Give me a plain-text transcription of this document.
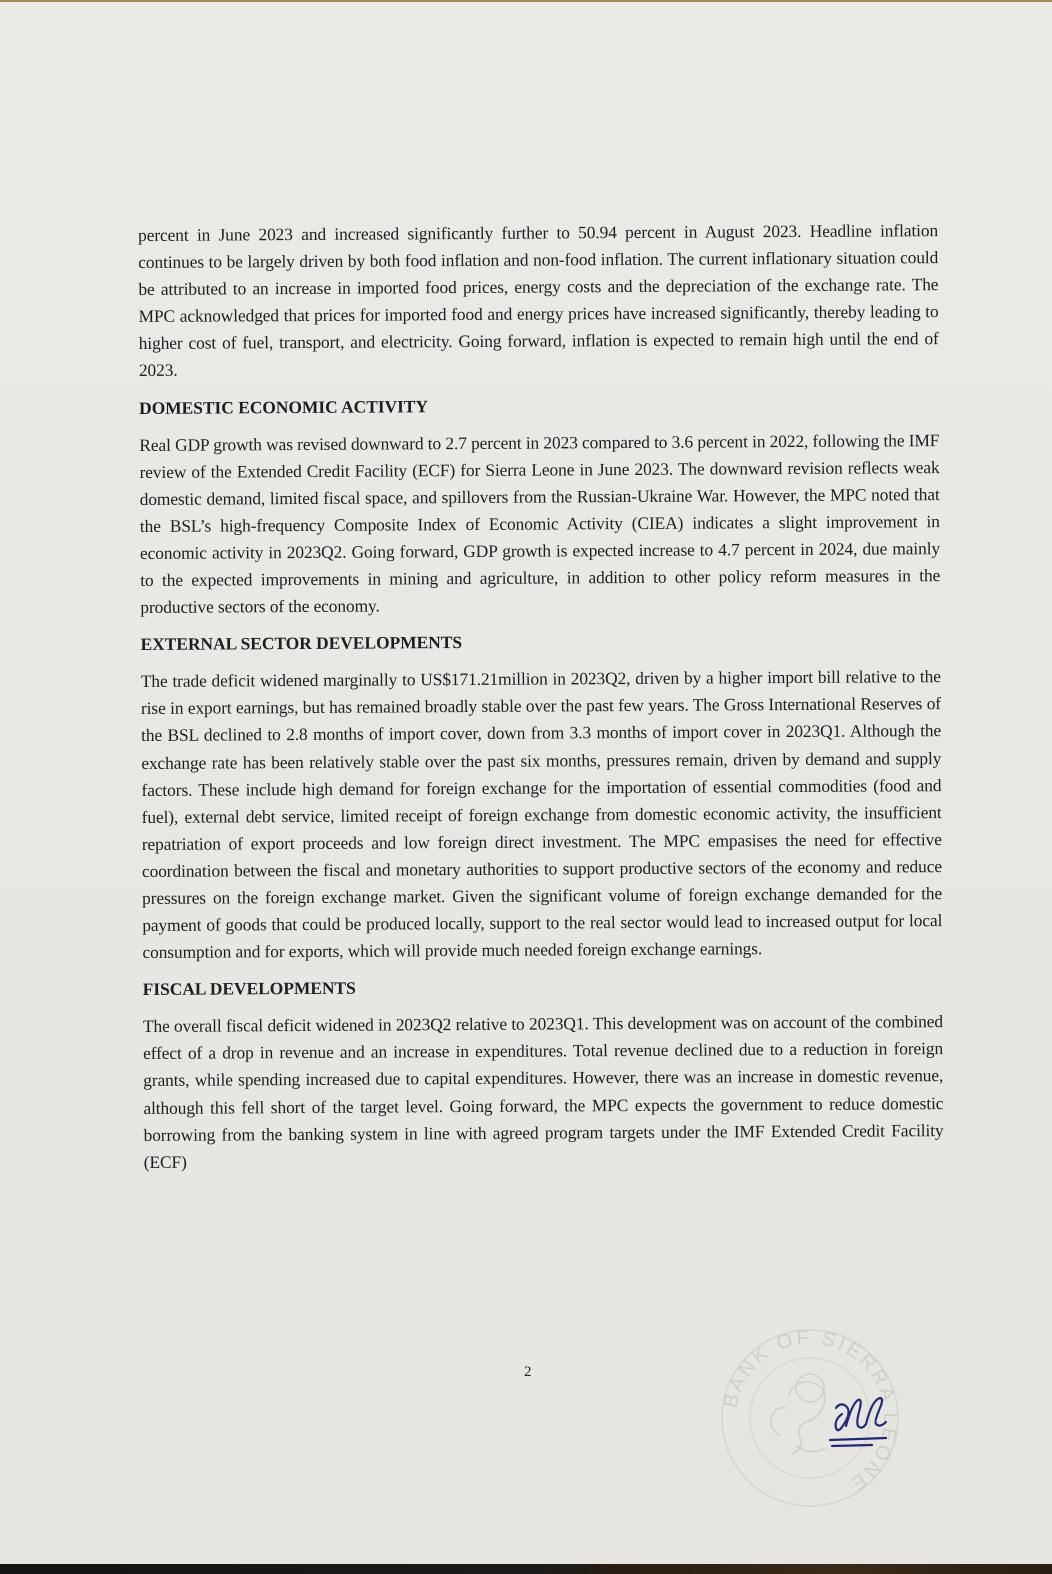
percent in June 2023 and increased significantly further to 50.94 percent in August 2023. Headline inflation continues to be largely driven by both food inflation and non-food inflation. The current inflationary situation could be attributed to an increase in imported food prices, energy costs and the depreciation of the exchange rate. The MPC acknowledged that prices for imported food and energy prices have increased significantly, thereby leading to higher cost of fuel, transport, and electricity. Going forward, inflation is expected to remain high until the end of 2023.

DOMESTIC ECONOMIC ACTIVITY

Real GDP growth was revised downward to 2.7 percent in 2023 compared to 3.6 percent in 2022, following the IMF review of the Extended Credit Facility (ECF) for Sierra Leone in June 2023. The downward revision reflects weak domestic demand, limited fiscal space, and spillovers from the Russian-Ukraine War. However, the MPC noted that the BSL’s high-frequency Composite Index of Economic Activity (CIEA) indicates a slight improvement in economic activity in 2023Q2. Going forward, GDP growth is expected increase to 4.7 percent in 2024, due mainly to the expected improvements in mining and agriculture, in addition to other policy reform measures in the productive sectors of the economy.

EXTERNAL SECTOR DEVELOPMENTS

The trade deficit widened marginally to US$171.21million in 2023Q2, driven by a higher import bill relative to the rise in export earnings, but has remained broadly stable over the past few years. The Gross International Reserves of the BSL declined to 2.8 months of import cover, down from 3.3 months of import cover in 2023Q1. Although the exchange rate has been relatively stable over the past six months, pressures remain, driven by demand and supply factors. These include high demand for foreign exchange for the importation of essential commodities (food and fuel), external debt service, limited receipt of foreign exchange from domestic economic activity, the insufficient repatriation of export proceeds and low foreign direct investment. The MPC empasises the need for effective coordination between the fiscal and monetary authorities to support productive sectors of the economy and reduce pressures on the foreign exchange market. Given the significant volume of foreign exchange demanded for the payment of goods that could be produced locally, support to the real sector would lead to increased output for local consumption and for exports, which will provide much needed foreign exchange earnings.

FISCAL DEVELOPMENTS

The overall fiscal deficit widened in 2023Q2 relative to 2023Q1. This development was on account of the combined effect of a drop in revenue and an increase in expenditures. Total revenue declined due to a reduction in foreign grants, while spending increased due to capital expenditures. However, there was an increase in domestic revenue, although this fell short of the target level. Going forward, the MPC expects the government to reduce domestic borrowing from the banking system in line with agreed program targets under the IMF Extended Credit Facility (ECF)

2
BANK OF SIERRA LEONE
